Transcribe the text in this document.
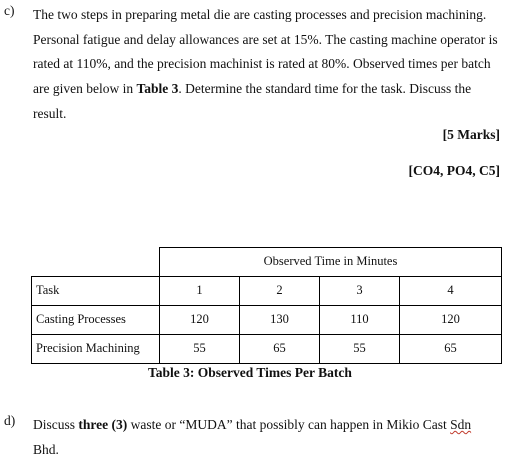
c) The two steps in preparing metal die are casting processes and precision machining. Personal fatigue and delay allowances are set at 15%. The casting machine operator is rated at 110%, and the precision machinist is rated at 80%. Observed times per batch are given below in Table 3. Determine the standard time for the task. Discuss the result.
[5 Marks]
[CO4, PO4, C5]
	Observed Time in Minutes			
Task	1	2	3	4
Casting Processes	120	130	110	120
Precision Machining	55	65	55	65
Table 3: Observed Times Per Batch
d) Discuss three (3) waste or “MUDA” that possibly can happen in Mikio Cast Sdn Bhd.
